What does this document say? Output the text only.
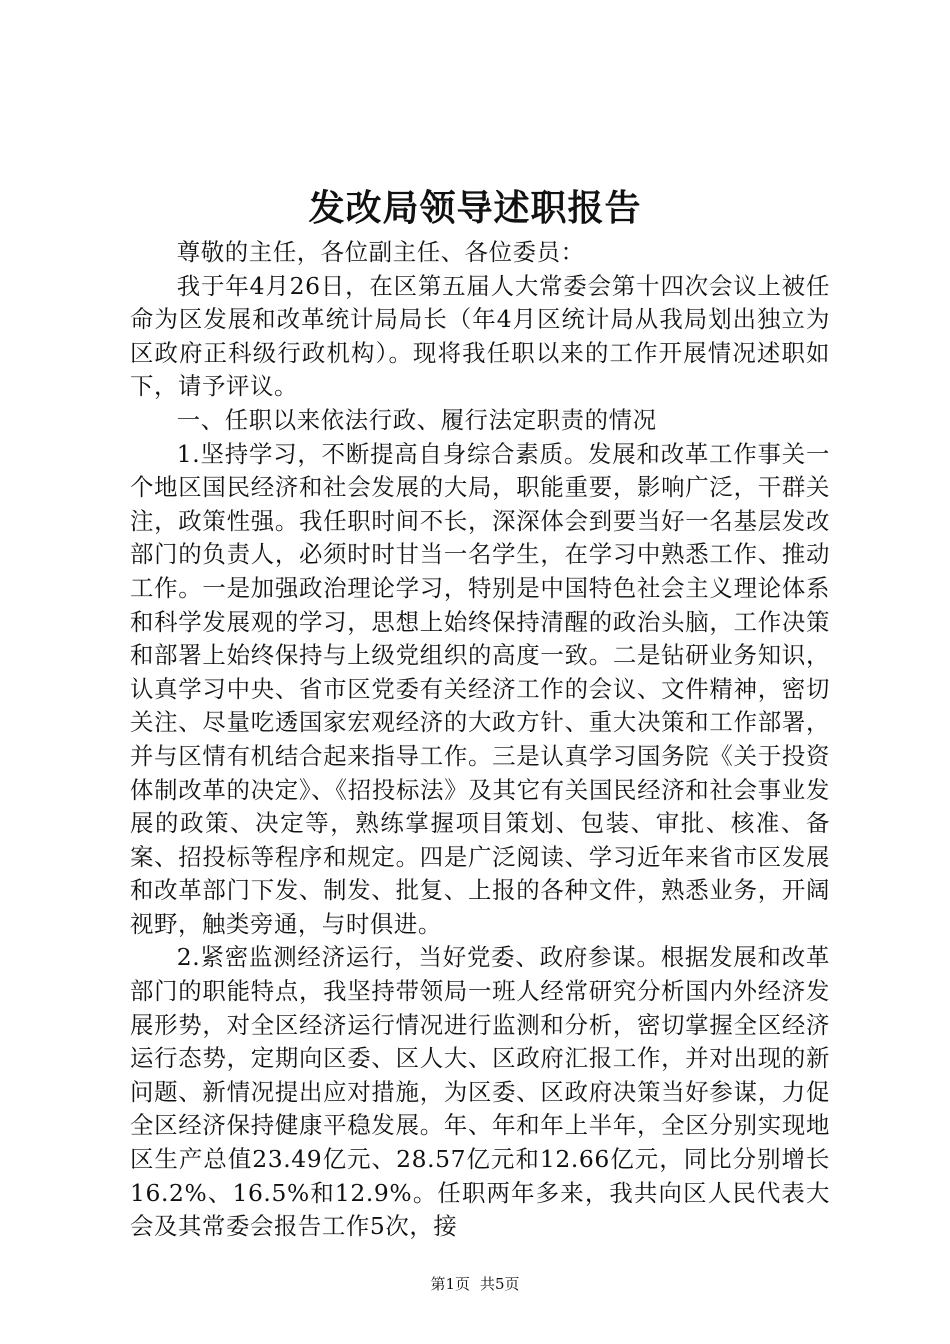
发改局领导述职报告

尊敬的主任，各位副主任、各位委员：

我于年4月26日，在区第五届人大常委会第十四次会议上被任命为区发展和改革统计局局长（年4月区统计局从我局划出独立为区政府正科级行政机构）。现将我任职以来的工作开展情况述职如下，请予评议。

一、任职以来依法行政、履行法定职责的情况

1.坚持学习，不断提高自身综合素质。发展和改革工作事关一个地区国民经济和社会发展的大局，职能重要，影响广泛，干群关注，政策性强。我任职时间不长，深深体会到要当好一名基层发改部门的负责人，必须时时甘当一名学生，在学习中熟悉工作、推动工作。一是加强政治理论学习，特别是中国特色社会主义理论体系和科学发展观的学习，思想上始终保持清醒的政治头脑，工作决策和部署上始终保持与上级党组织的高度一致。二是钻研业务知识，认真学习中央、省市区党委有关经济工作的会议、文件精神，密切关注、尽量吃透国家宏观经济的大政方针、重大决策和工作部署，并与区情有机结合起来指导工作。三是认真学习国务院《关于投资体制改革的决定》、《招投标法》及其它有关国民经济和社会事业发展的政策、决定等，熟练掌握项目策划、包装、审批、核准、备案、招投标等程序和规定。四是广泛阅读、学习近年来省市区发展和改革部门下发、制发、批复、上报的各种文件，熟悉业务，开阔视野，触类旁通，与时俱进。

2.紧密监测经济运行，当好党委、政府参谋。根据发展和改革部门的职能特点，我坚持带领局一班人经常研究分析国内外经济发展形势，对全区经济运行情况进行监测和分析，密切掌握全区经济运行态势，定期向区委、区人大、区政府汇报工作，并对出现的新问题、新情况提出应对措施，为区委、区政府决策当好参谋，力促全区经济保持健康平稳发展。年、年和年上半年，全区分别实现地区生产总值23.49亿元、28.57亿元和12.66亿元，同比分别增长16.2%、16.5%和12.9%。任职两年多来，我共向区人民代表大会及其常委会报告工作5次，接

第1页 共5页
